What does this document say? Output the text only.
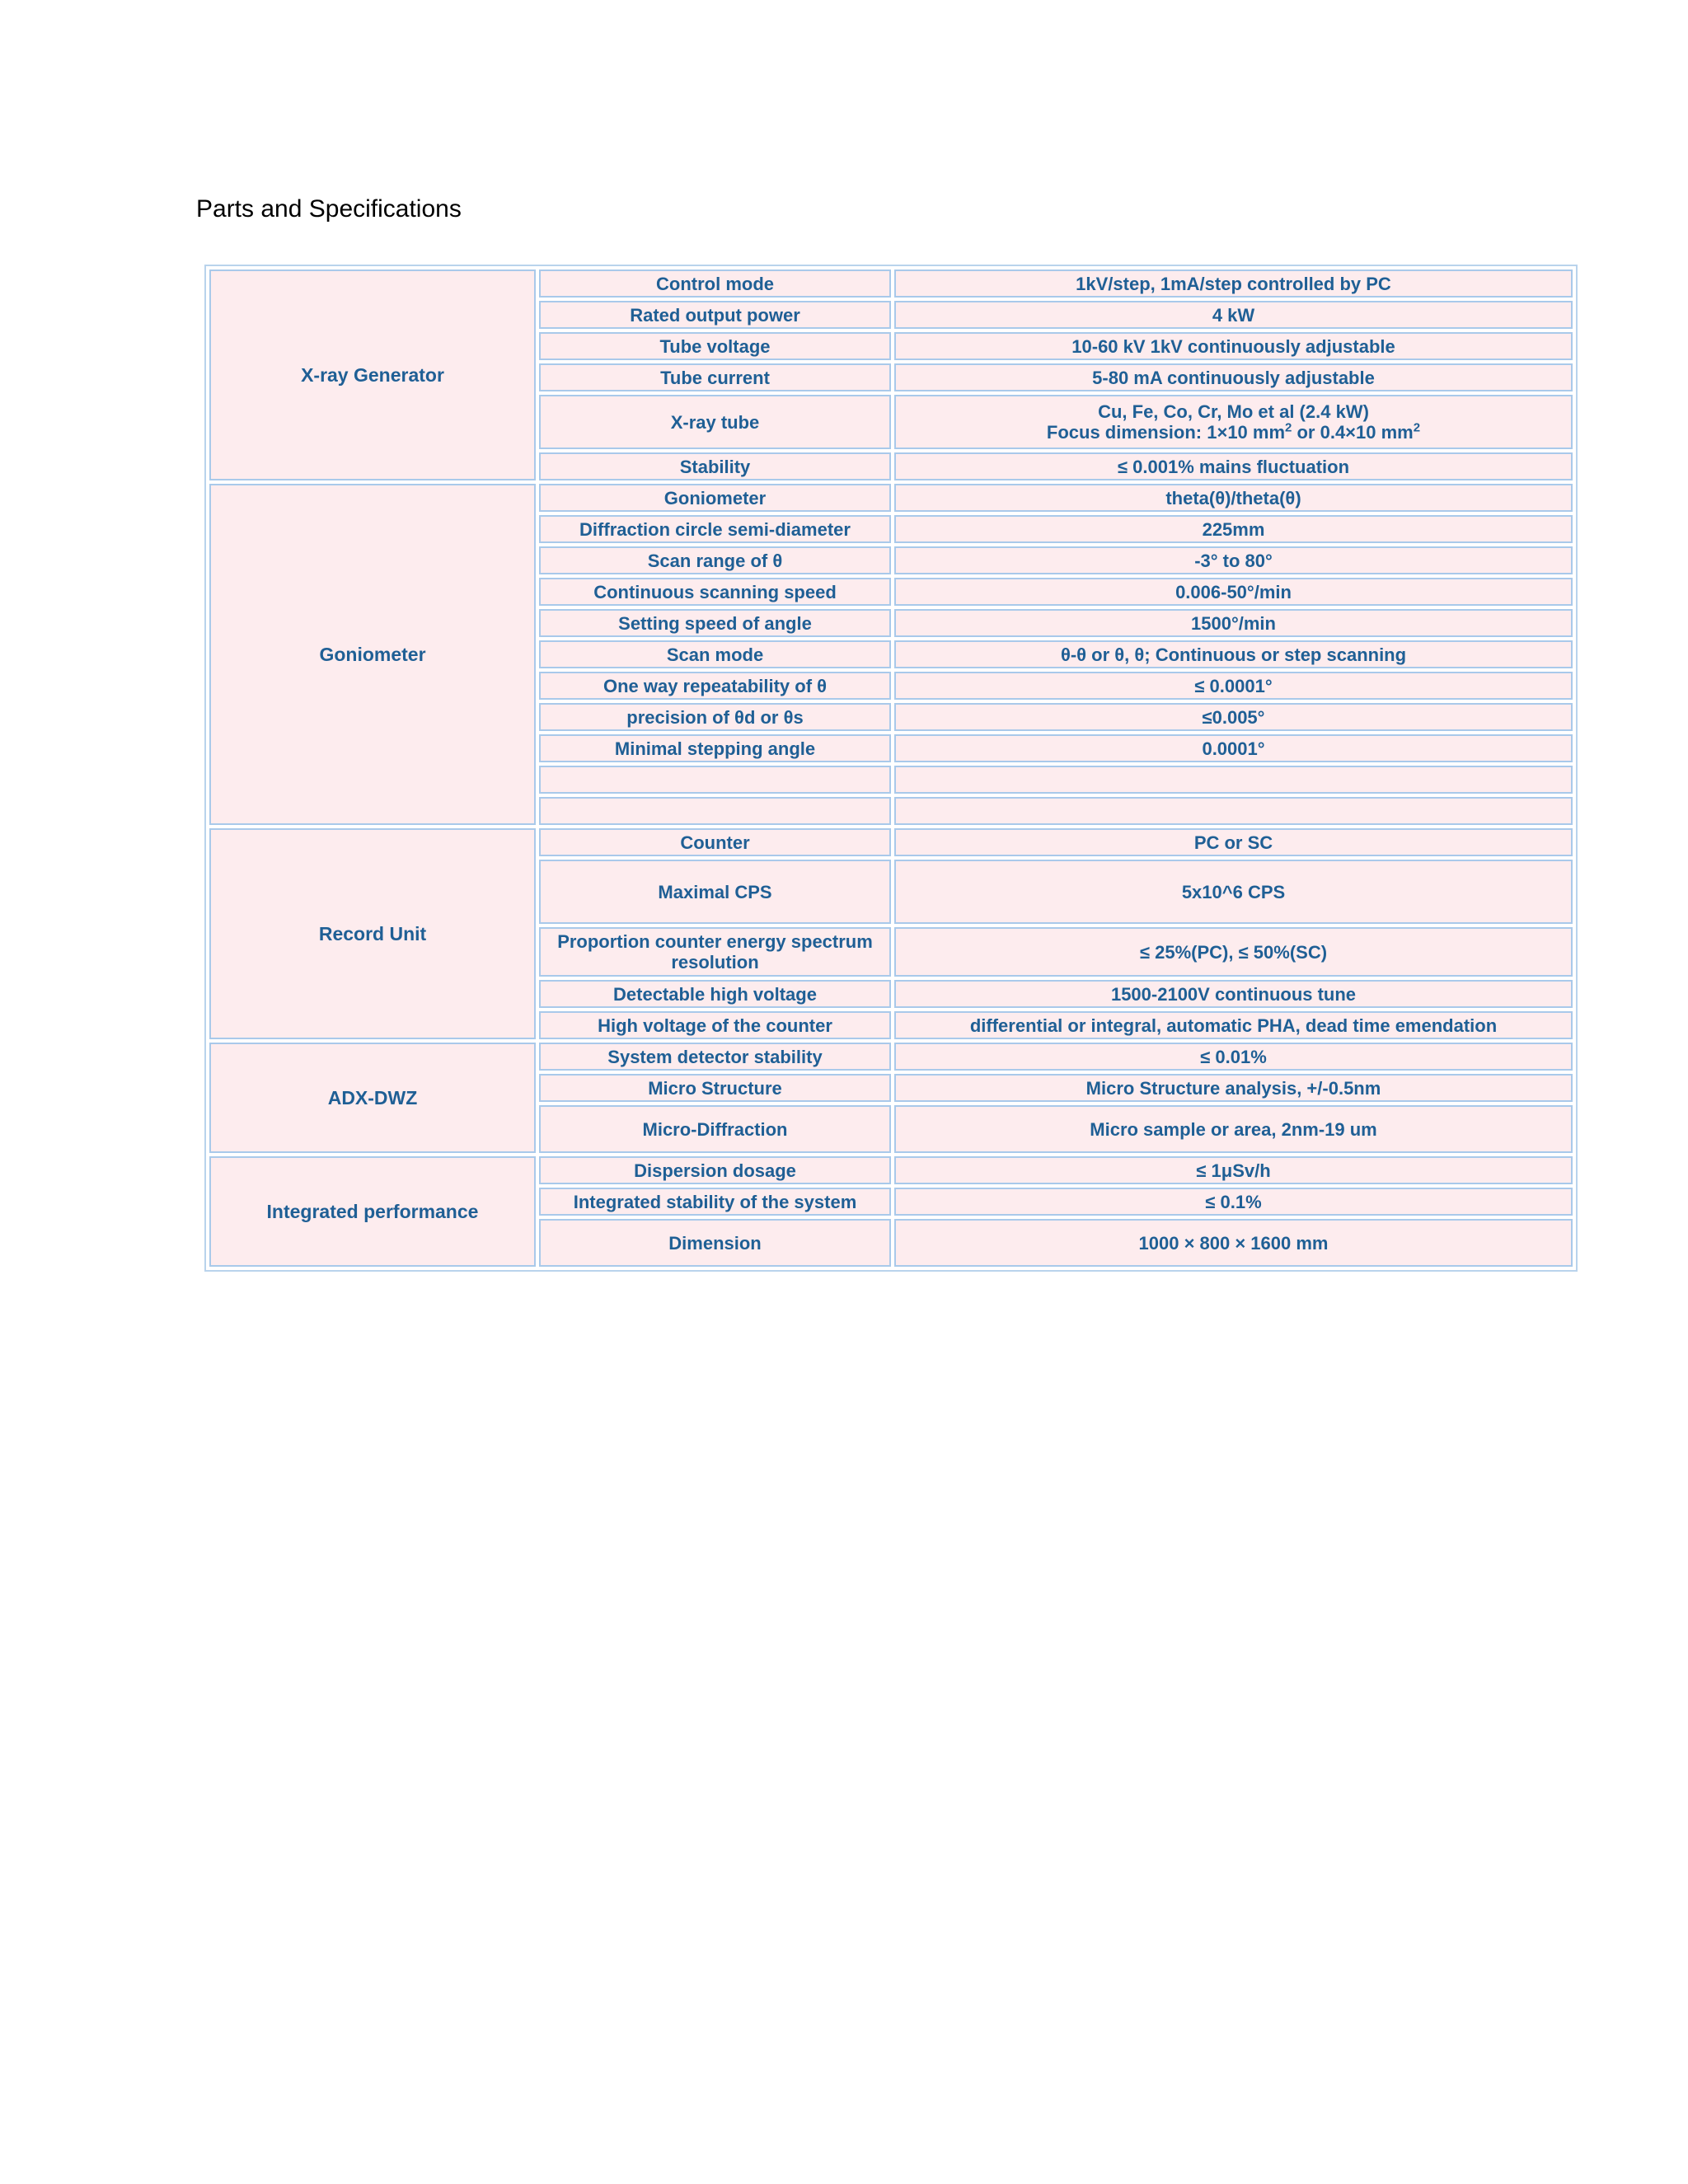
Parts and Specifications
X-ray Generator	Control mode	1kV/step, 1mA/step controlled by PC
	Rated output power	4 kW
	Tube voltage	10-60 kV 1kV continuously adjustable
	Tube current	5-80 mA continuously adjustable
	X-ray tube	Cu, Fe, Co, Cr, Mo et al (2.4 kW)
Focus dimension: 1×10 $mm^2$ or 0.4×10 $mm^2$

	Stability	≤ 0.001% mains fluctuation
Goniometer	Goniometer	theta(θ)/theta(θ)
	Diffraction circle semi-diameter	225mm
	Scan range of θ	-3° to 80°
	Continuous scanning speed	0.006-50°/min
	Setting speed of angle	1500°/min
	Scan mode	θ-θ or θ, θ; Continuous or step scanning
	One way repeatability of θ	≤ 0.0001°
	precision of θd or θs	≤0.005°
	Minimal stepping angle	0.0001°

Record Unit	Counter	PC or SC
	Maximal CPS	5x10^6 CPS
	Proportion counter energy spectrum resolution	≤ 25%(PC), ≤ 50%(SC)
	Detectable high voltage	1500-2100V continuous tune
	High voltage of the counter	differential or integral, automatic PHA, dead time emendation
ADX-DWZ	System detector stability	≤ 0.01%
	Micro Structure	Micro Structure analysis, +/-0.5nm
	Micro-Diffraction	Micro sample or area, 2nm-19 um
Integrated performance	Dispersion dosage	≤ 1μSv/h
	Integrated stability of the system	≤ 0.1%
	Dimension	1000 × 800 × 1600 mm
